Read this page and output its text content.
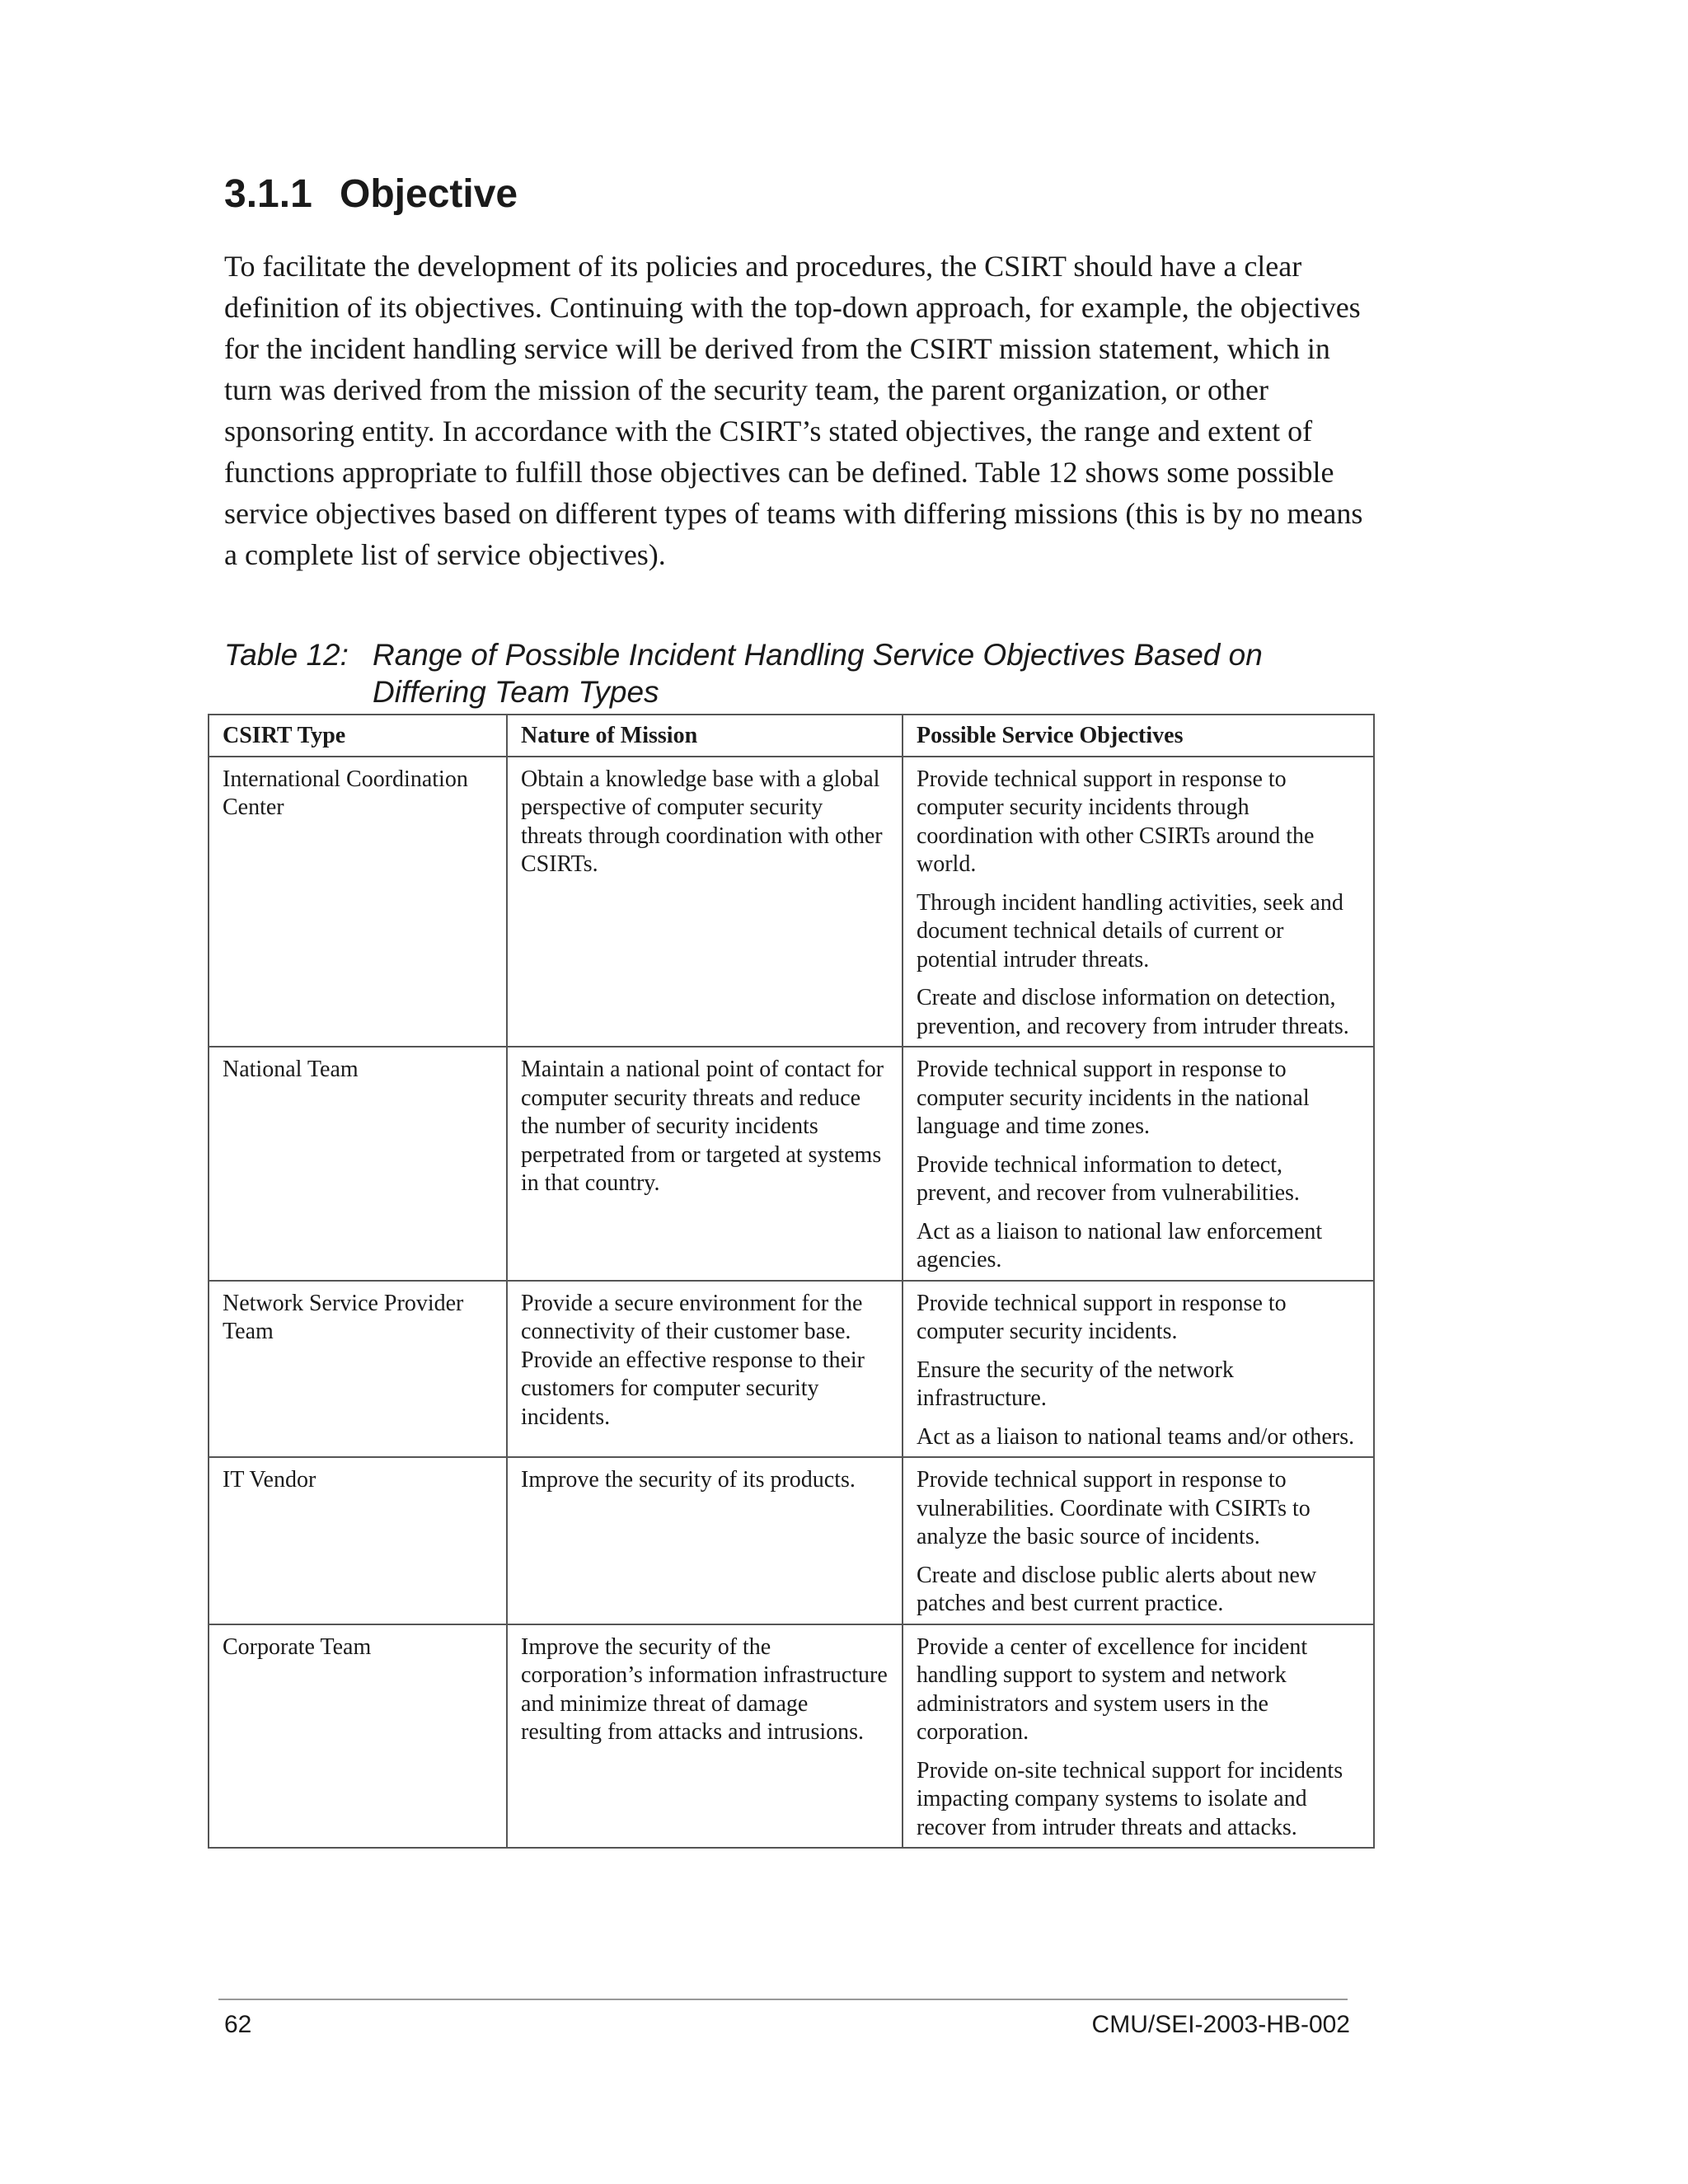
3.1.1 Objective

To facilitate the development of its policies and procedures, the CSIRT should have a clear definition of its objectives. Continuing with the top-down approach, for example, the objectives for the incident handling service will be derived from the CSIRT mission statement, which in turn was derived from the mission of the security team, the parent organization, or other sponsoring entity. In accordance with the CSIRT’s stated objectives, the range and extent of functions appropriate to fulfill those objectives can be defined. Table 12 shows some possible service objectives based on different types of teams with differing missions (this is by no means a complete list of service objectives).

Table 12: Range of Possible Incident Handling Service Objectives Based on Differing Team Types
CSIRT Type	Nature of Mission	Possible Service Objectives
International Coordination Center	Obtain a knowledge base with a global perspective of computer security threats through coordination with other CSIRTs.	Provide technical support in response to computer security incidents through coordination with other CSIRTs around the world.

Through incident handling activities, seek and document technical details of current or potential intruder threats.

Create and disclose information on detection, prevention, and recovery from intruder threats.

National Team	Maintain a national point of contact for computer security threats and reduce the number of security incidents perpetrated from or targeted at systems in that country.	Provide technical support in response to computer security incidents in the national language and time zones.

Provide technical information to detect, prevent, and recover from vulnerabilities.

Act as a liaison to national law enforcement agencies.

Network Service Provider Team	Provide a secure environment for the connectivity of their customer base. Provide an effective response to their customers for computer security incidents.	Provide technical support in response to computer security incidents.

Ensure the security of the network infrastructure.

Act as a liaison to national teams and/or others.

IT Vendor	Improve the security of its products.	Provide technical support in response to vulnerabilities. Coordinate with CSIRTs to analyze the basic source of incidents.

Create and disclose public alerts about new patches and best current practice.

Corporate Team	Improve the security of the corporation’s information infrastructure and minimize threat of damage resulting from attacks and intrusions.	Provide a center of excellence for incident handling support to system and network administrators and system users in the corporation.

Provide on-site technical support for incidents impacting company systems to isolate and recover from intruder threats and attacks.

62	CMU/SEI-2003-HB-002
